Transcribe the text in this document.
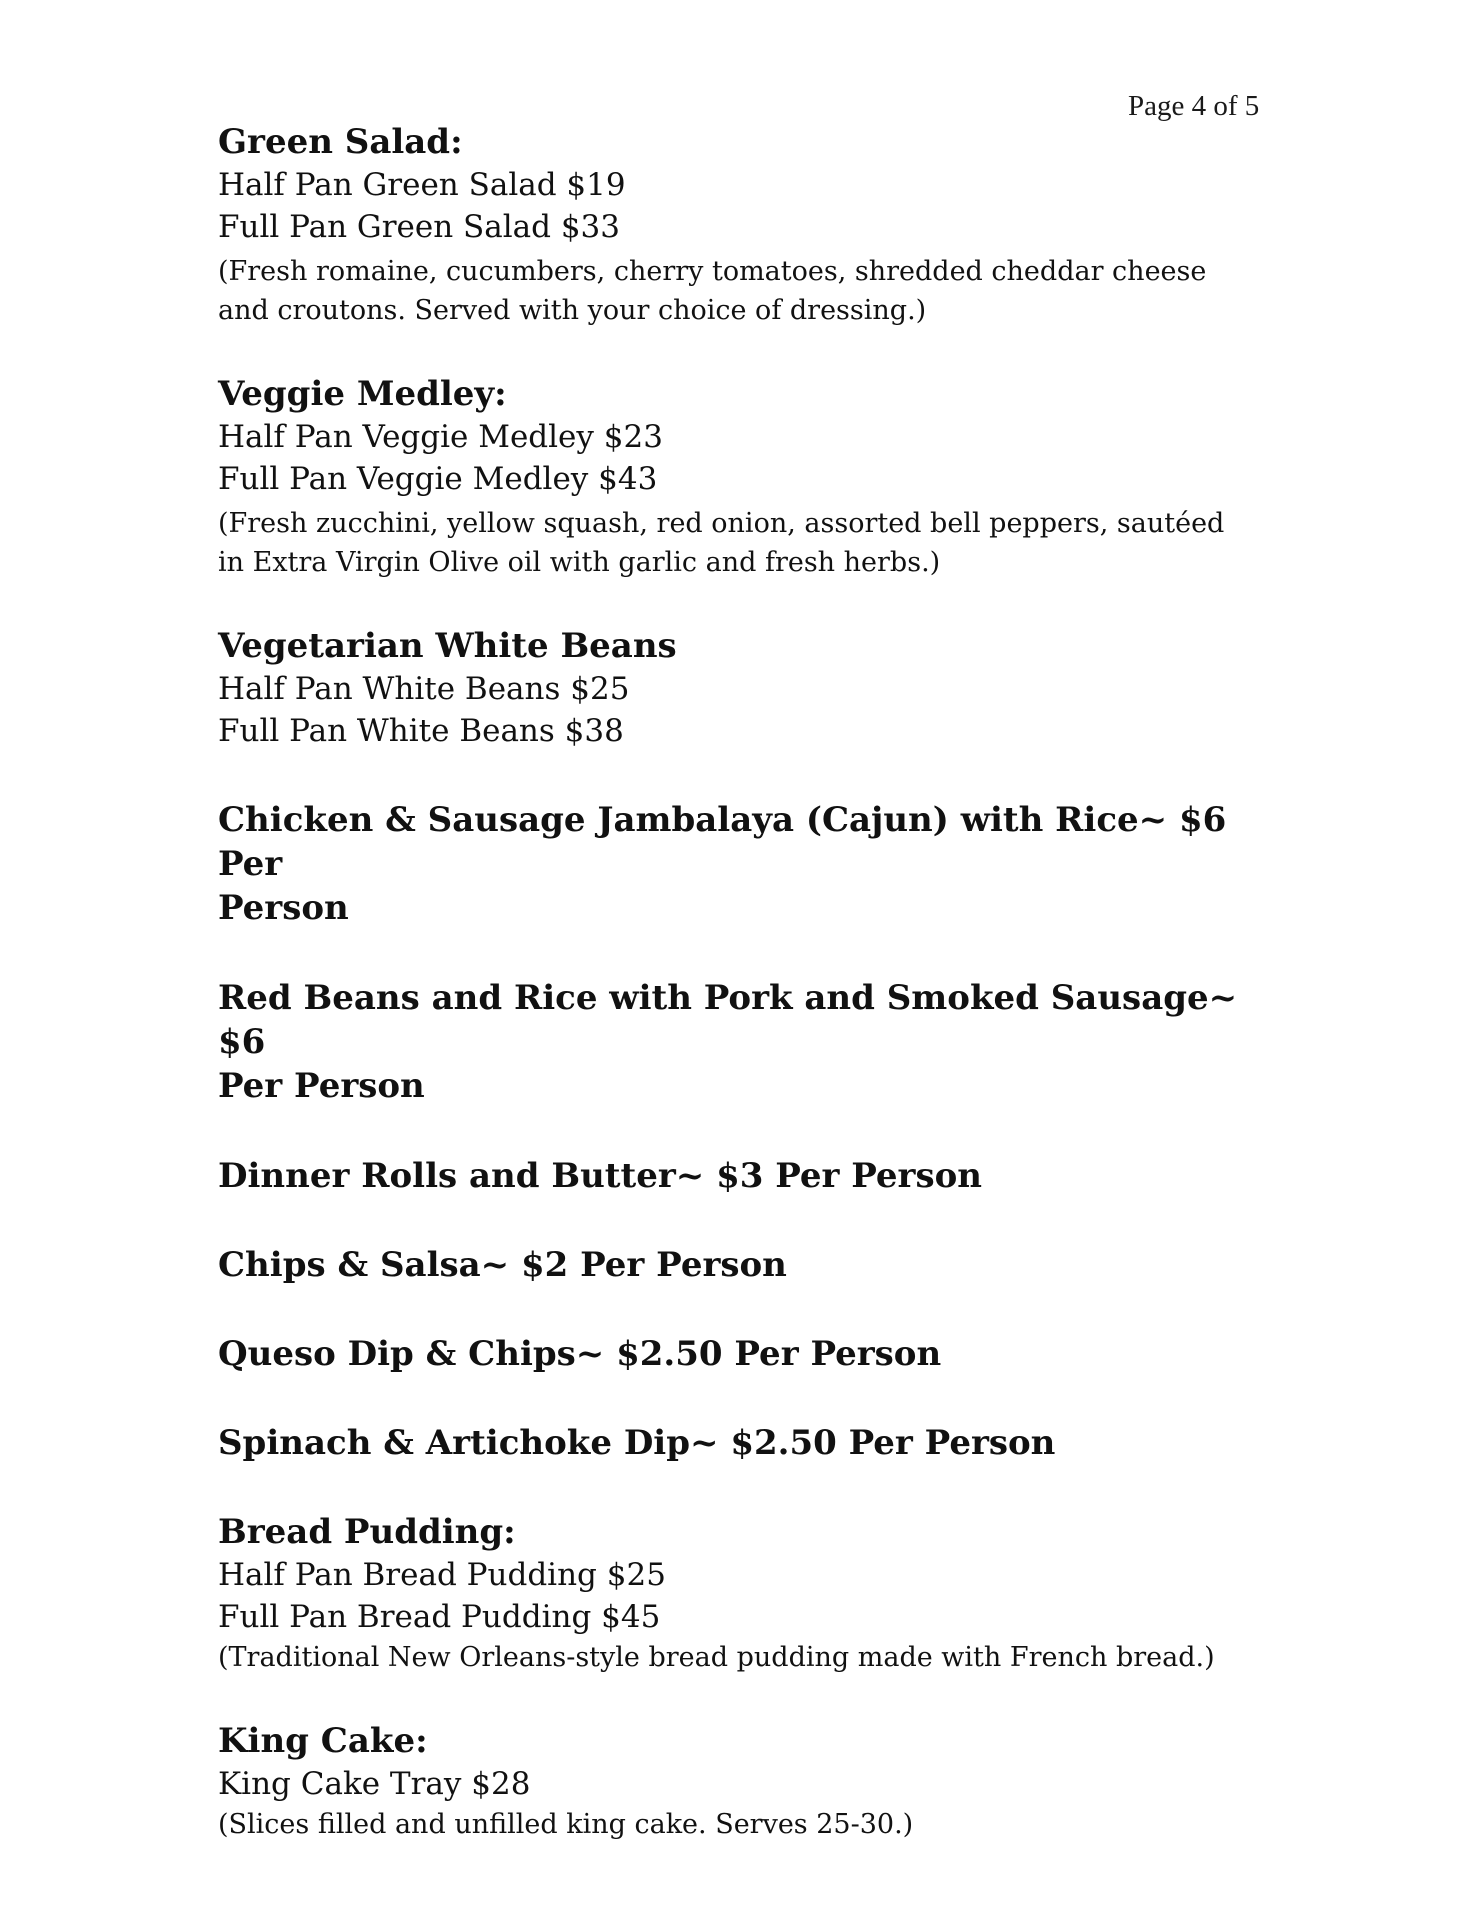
Page 4 of 5

Green Salad:

Half Pan Green Salad $19

Full Pan Green Salad $33

(Fresh romaine, cucumbers, cherry tomatoes, shredded cheddar cheese

and croutons. Served with your choice of dressing.)

Veggie Medley:

Half Pan Veggie Medley $23

Full Pan Veggie Medley $43

(Fresh zucchini, yellow squash, red onion, assorted bell peppers, sautéed

in Extra Virgin Olive oil with garlic and fresh herbs.)

Vegetarian White Beans

Half Pan White Beans $25

Full Pan White Beans $38

Chicken & Sausage Jambalaya (Cajun) with Rice~ $6 Per

Person

Red Beans and Rice with Pork and Smoked Sausage~ $6

Per Person

Dinner Rolls and Butter~ $3 Per Person

Chips & Salsa~ $2 Per Person

Queso Dip & Chips~ $2.50 Per Person

Spinach & Artichoke Dip~ $2.50 Per Person

Bread Pudding:

Half Pan Bread Pudding $25

Full Pan Bread Pudding $45

(Traditional New Orleans-style bread pudding made with French bread.)

King Cake:

King Cake Tray $28

(Slices filled and unfilled king cake. Serves 25-30.)
